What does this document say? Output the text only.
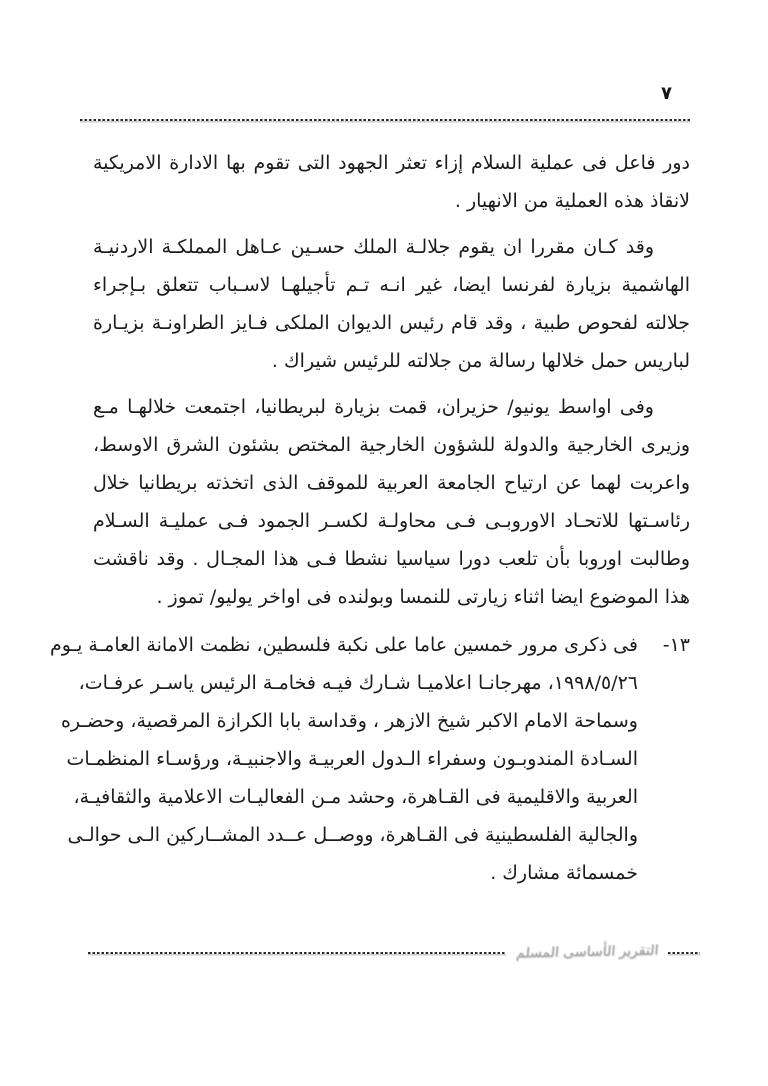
٧
دور فاعل فى عملية السلام إزاء تعثر الجهود التى تقوم بها الادارة الامريكية
لانقاذ هذه العملية من الانهيار .
وقد كـان مقررا ان يقوم جلالـة الملك حسـين عـاهل المملكـة الاردنيـة
الهاشمية بزيارة لفرنسا ايضا، غير انـه تـم تأجيلهـا لاسـباب تتعلق بـإجراء
جلالته لفحوص طبية ، وقد قام رئيس الديوان الملكى فـايز الطراونـة بزيـارة
لباريس حمل خلالها رسالة من جلالته للرئيس شيراك .
وفى اواسط يونيو/ حزيران، قمت بزيارة لبريطانيا، اجتمعت خلالهـا مـع
وزيرى الخارجية والدولة للشؤون الخارجية المختص بشئون الشرق الاوسط،
واعربت لهما عن ارتياح الجامعة العربية للموقف الذى اتخذته بريطانيا خلال
رئاسـتها للاتحـاد الاوروبـى فـى محاولـة لكسـر الجمود فـى عمليـة السـلام
وطالبت اوروبا بأن تلعب دورا سياسيا نشطا فـى هذا المجـال . وقد ناقشت
هذا الموضوع ايضا اثناء زيارتى للنمسا وبولنده فى اواخر يوليو/ تموز .
١٣-
فى ذكرى مرور خمسين عاما على نكبة فلسطين، نظمت الامانة العامـة يـوم
١٩٩٨/٥/٢٦، مهرجانـا اعلاميـا شـارك فيـه فخامـة الرئيس ياسـر عرفـات،
وسماحة الامام الاكبر شيخ الازهر ، وقداسة بابا الكرازة المرقصية، وحضـره
السـادة المندوبـون وسفراء الـدول العربيـة والاجنبيـة، ورؤسـاء المنظمـات
العربية والاقليمية فى القـاهرة، وحشد مـن الفعاليـات الاعلامية والثقافيـة،
والجالية الفلسطينية فى القـاهرة، ووصــل عــدد المشــاركين الـى حوالـى
خمسمائة مشارك .
التقرير الأساسى المسلم
